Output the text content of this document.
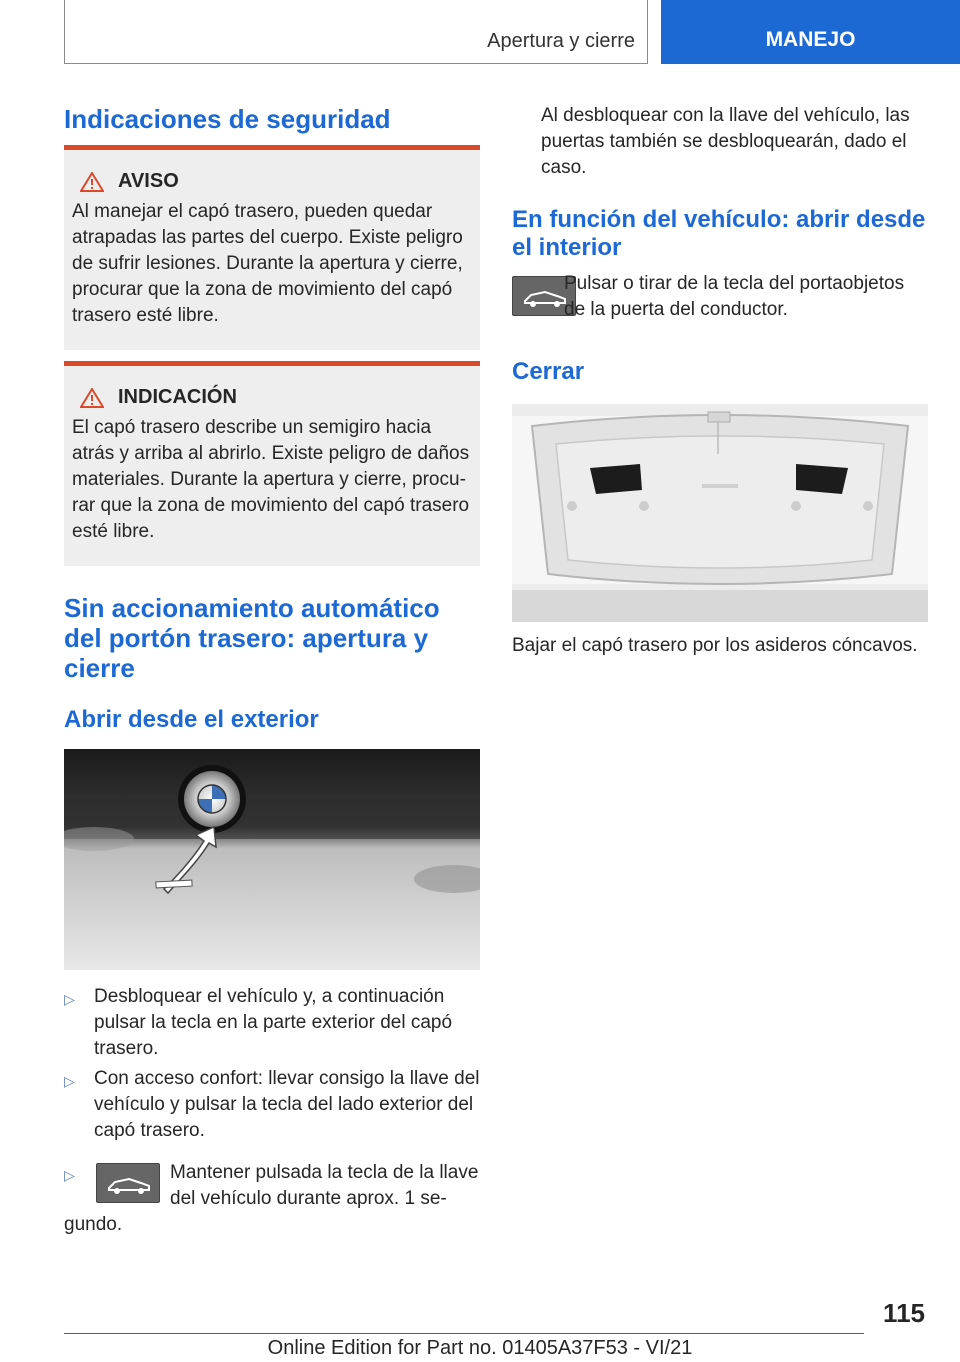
Apertura y cierre	MANEJO
Indicaciones de seguridad
AVISO
Al manejar el capó trasero, pueden quedar atrapadas las partes del cuerpo. Existe peligro de sufrir lesiones. Durante la apertura y cierre, procurar que la zona de movimiento del capó trasero esté libre.
INDICACIÓN
El capó trasero describe un semigiro hacia atrás y arriba al abrirlo. Existe peligro de daños materiales. Durante la apertura y cierre, procurar que la zona de movimiento del capó trasero esté libre.
Sin accionamiento automático del portón trasero: apertura y cierre
Abrir desde el exterior
▷ Desbloquear el vehículo y, a continuación pulsar la tecla en la parte exterior del capó trasero.
▷ Con acceso confort: llevar consigo la llave del vehículo y pulsar la tecla del lado exterior del capó trasero.
▷	Mantener pulsada la tecla de la llave del vehículo durante aprox. 1 se-
gundo.

Al desbloquear con la llave del vehículo, las puertas también se desbloquearán, dado el caso.

En función del vehículo: abrir desde el interior

Pulsar o tirar de la tecla del portaobjetos de la puerta del conductor.

Cerrar

Bajar el capó trasero por los asideros cóncavos.

115
Online Edition for Part no. 01405A37F53 - VI/21
